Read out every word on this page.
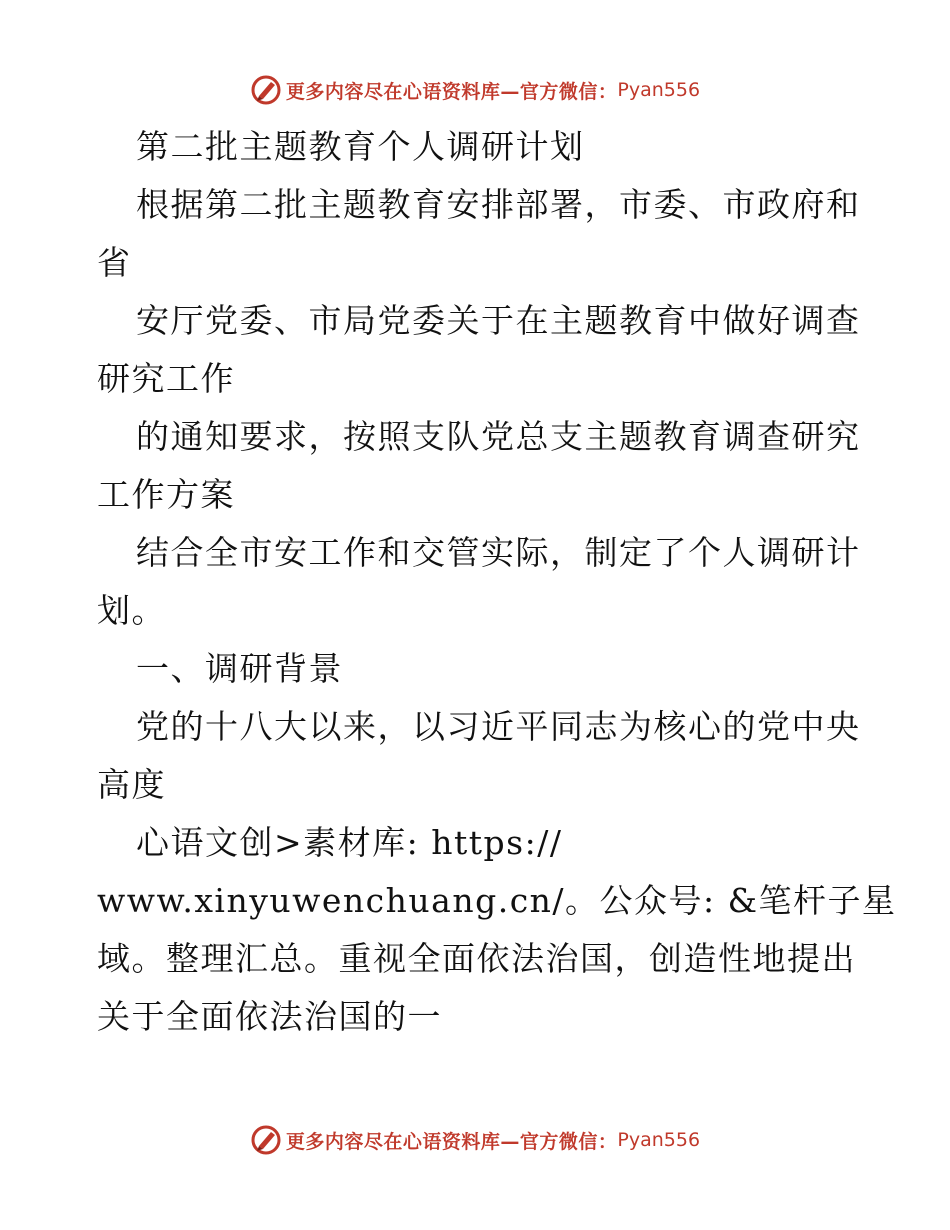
更多内容尽在心语资料库—官方微信： Pyan556
第二批主题教育个人调研计划
根据第二批主题教育安排部署，市委、市政府和
省
安厅党委、市局党委关于在主题教育中做好调查
研究工作
的通知要求，按照支队党总支主题教育调查研究
工作方案
结合全市安工作和交管实际，制定了个人调研计
划。
一、调研背景
党的十八大以来，以习近平同志为核心的党中央
高度
心语文创>素材库: https://
www.xinyuwenchuang.cn/。公众号: &笔杆子星
域。整理汇总。重视全面依法治国，创造性地提出
关于全面依法治国的一
更多内容尽在心语资料库—官方微信： Pyan556
